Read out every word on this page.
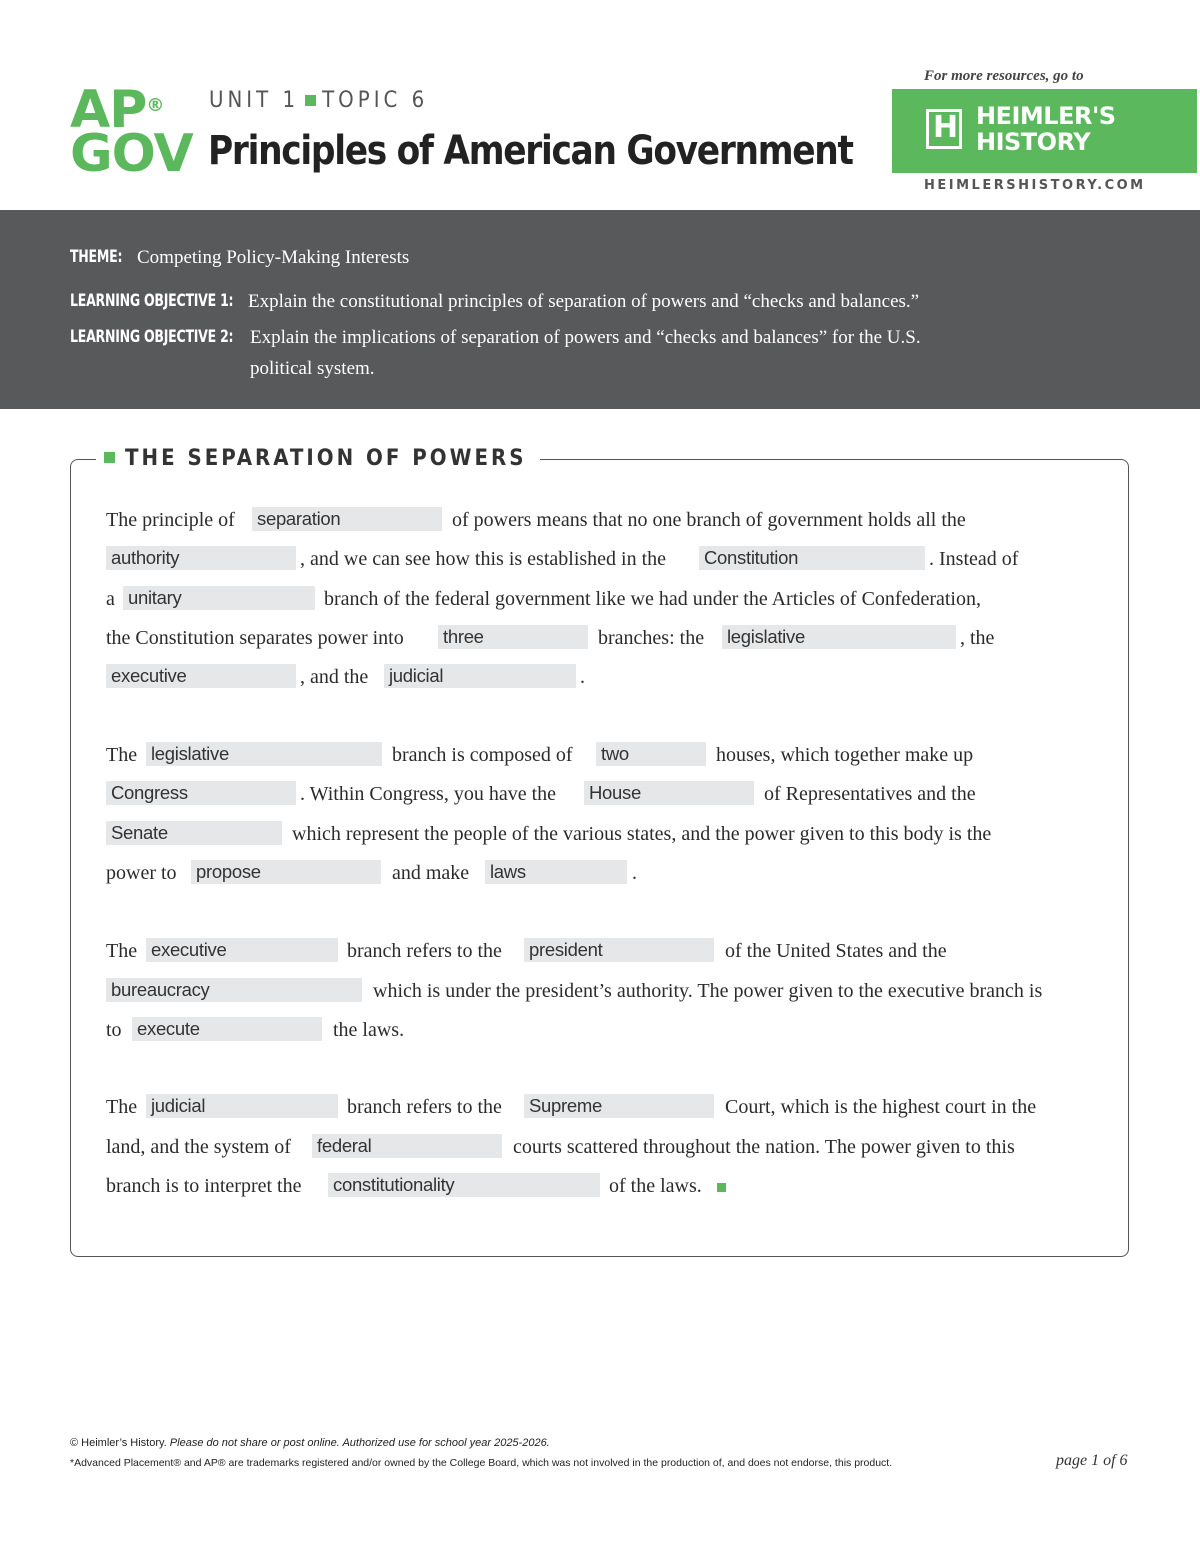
AP®
GOV
UNIT 1 TOPIC 6
Principles of American Government
For more resources, go to
H
HEIMLER'S
HISTORY
HEIMLERSHISTORY.COM
THEME: Competing Policy-Making Interests
LEARNING OBJECTIVE 1: Explain the constitutional principles of separation of powers and “checks and balances.”
LEARNING OBJECTIVE 2: Explain the implications of separation of powers and “checks and balances” for the U.S.
political system.
THE SEPARATION OF POWERS
The principle of separation	of powers means that no one branch of government holds all the
authority	, and we can see how this is established in the Constitution	. Instead of
a unitary	branch of the federal government like we had under the Articles of Confederation,
the Constitution separates power into three	branches: the legislative	, the
executive	, and the judicial	.
The legislative	branch is composed of two	houses, which together make up
Congress	. Within Congress, you have the House	of Representatives and the
Senate	which represent the people of the various states, and the power given to this body is the
power to propose	and make laws	.
The executive	branch refers to the president	of the United States and the
bureaucracy	which is under the president’s authority. The power given to the executive branch is
to execute	the laws.
The judicial	branch refers to the Supreme	Court, which is the highest court in the
land, and the system of federal	courts scattered throughout the nation. The power given to this
branch is to interpret the constitutionality	of the laws.
© Heimler’s History. Please do not share or post online. Authorized use for school year 2025-2026.
*Advanced Placement® and AP® are trademarks registered and/or owned by the College Board, which was not involved in the production of, and does not endorse, this product.	page 1 of 6
